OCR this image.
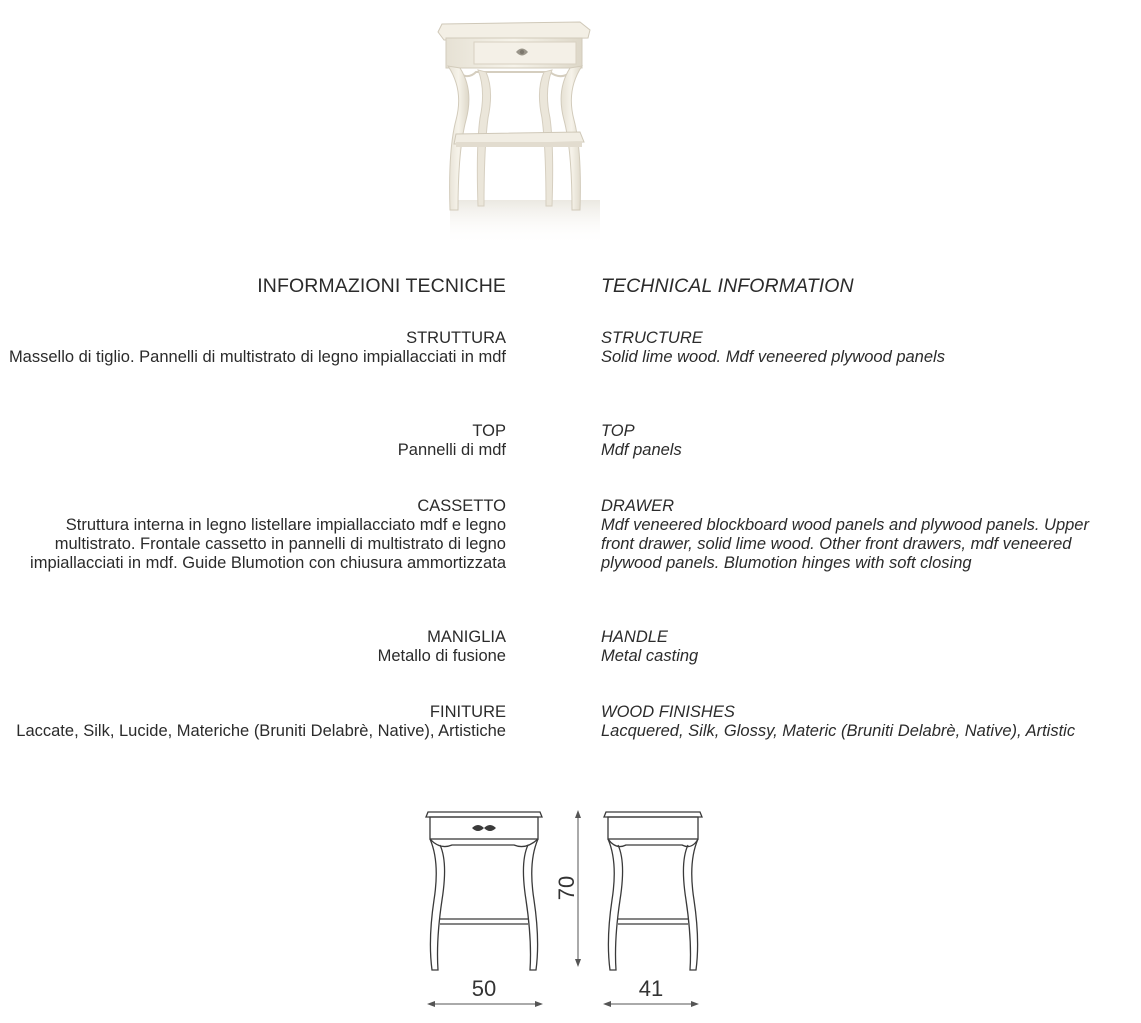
INFORMAZIONI TECNICHE	TECHNICAL INFORMATION
STRUTTURA
Massello di tiglio. Pannelli di multistrato di legno impiallacciati in mdf
TOP
Pannelli di mdf
CASSETTO
Struttura interna in legno listellare impiallacciato mdf e legno multistrato. Frontale cassetto in pannelli di multistrato di legno impiallacciati in mdf. Guide Blumotion con chiusura ammortizzata
MANIGLIA
Metallo di fusione
FINITURE
Laccate, Silk, Lucide, Materiche (Bruniti Delabrè, Native), Artistiche
STRUCTURE
Solid lime wood. Mdf veneered plywood panels
TOP
Mdf panels
DRAWER
Mdf veneered blockboard wood panels and plywood panels. Upper front drawer, solid lime wood. Other front drawers, mdf veneered plywood panels. Blumotion hinges with soft closing
HANDLE
Metal casting
WOOD FINISHES
Lacquered, Silk, Glossy, Materic (Bruniti Delabrè, Native), Artistic
50	41
70
